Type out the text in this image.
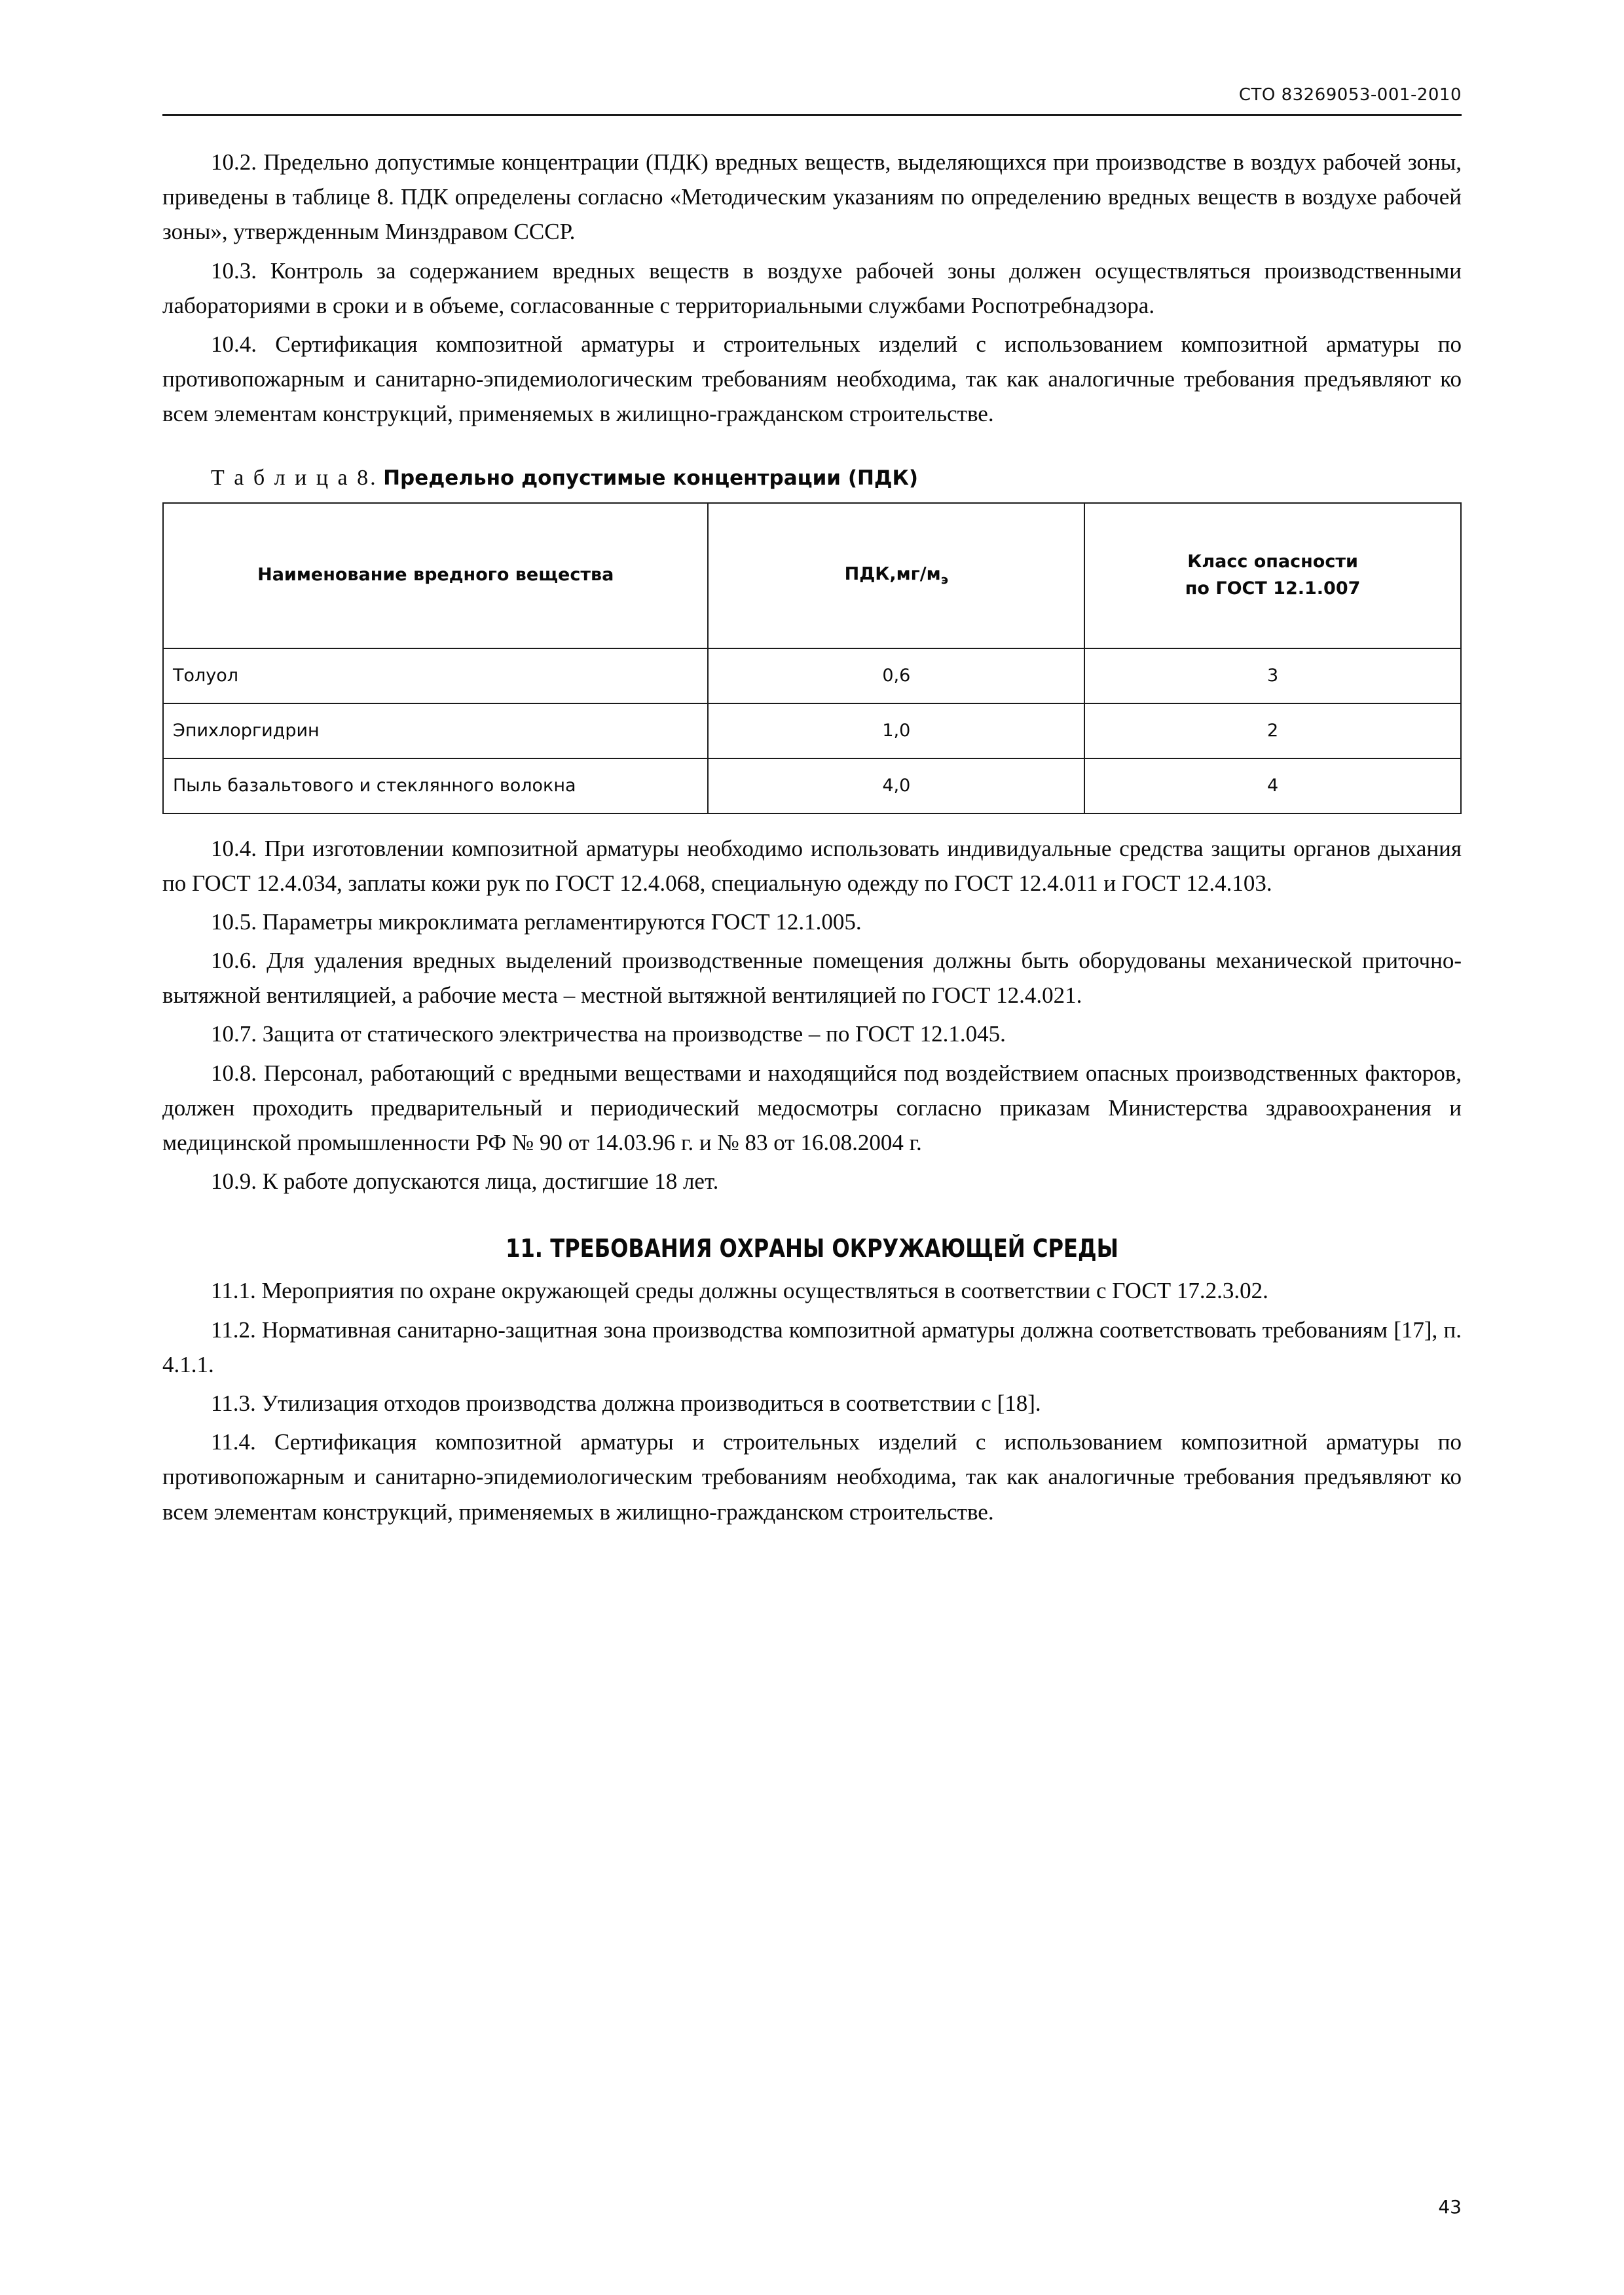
СТО 83269053-001-2010

10.2. Предельно допустимые концентрации (ПДК) вредных веществ, выделяющихся при производстве в воздух рабочей зоны, приведены в таблице 8. ПДК определены согласно «Методическим указаниям по определению вредных веществ в воздухе рабочей зоны», утвержденным Минздравом СССР.

10.3. Контроль за содержанием вредных веществ в воздухе рабочей зоны должен осуществляться производственными лабораториями в сроки и в объеме, согласованные с территориальными службами Роспотребнадзора.

10.4. Сертификация композитной арматуры и строительных изделий с использованием композитной арматуры по противопожарным и санитарно-эпидемиологическим требованиям необходима, так как аналогичные требования предъявляют ко всем элементам конструкций, применяемых в жилищно-гражданском строительстве.

Т а б л и ц а 8. Предельно допустимые концентрации (ПДК)
Наименование вредного вещества	$ПДК,мг/м_э$	Класс опасности
по ГОСТ 12.1.007

Толуол	0,6	3
Эпихлоргидрин	1,0	2
Пыль базальтового и стеклянного волокна	4,0	4

10.4. При изготовлении композитной арматуры необходимо использовать индивидуальные средства защиты органов дыхания по ГОСТ 12.4.034, заплаты кожи рук по ГОСТ 12.4.068, специальную одежду по ГОСТ 12.4.011 и ГОСТ 12.4.103.

10.5. Параметры микроклимата регламентируются ГОСТ 12.1.005.

10.6. Для удаления вредных выделений производственные помещения должны быть оборудованы механической приточно-вытяжной вентиляцией, а рабочие места – местной вытяжной вентиляцией по ГОСТ 12.4.021.

10.7. Защита от статического электричества на производстве – по ГОСТ 12.1.045.

10.8. Персонал, работающий с вредными веществами и находящийся под воздействием опасных производственных факторов, должен проходить предварительный и периодический медосмотры согласно приказам Министерства здравоохранения и медицинской промышленности РФ № 90 от 14.03.96 г. и № 83 от 16.08.2004 г.

10.9. К работе допускаются лица, достигшие 18 лет.

11. ТРЕБОВАНИЯ ОХРАНЫ ОКРУЖАЮЩЕЙ СРЕДЫ

11.1. Мероприятия по охране окружающей среды должны осуществляться в соответствии с ГОСТ 17.2.3.02.

11.2. Нормативная санитарно-защитная зона производства композитной арматуры должна соответствовать требованиям [17], п. 4.1.1.

11.3. Утилизация отходов производства должна производиться в соответствии с [18].

11.4. Сертификация композитной арматуры и строительных изделий с использованием композитной арматуры по противопожарным и санитарно-эпидемиологическим требованиям необходима, так как аналогичные требования предъявляют ко всем элементам конструкций, применяемых в жилищно-гражданском строительстве.

43
